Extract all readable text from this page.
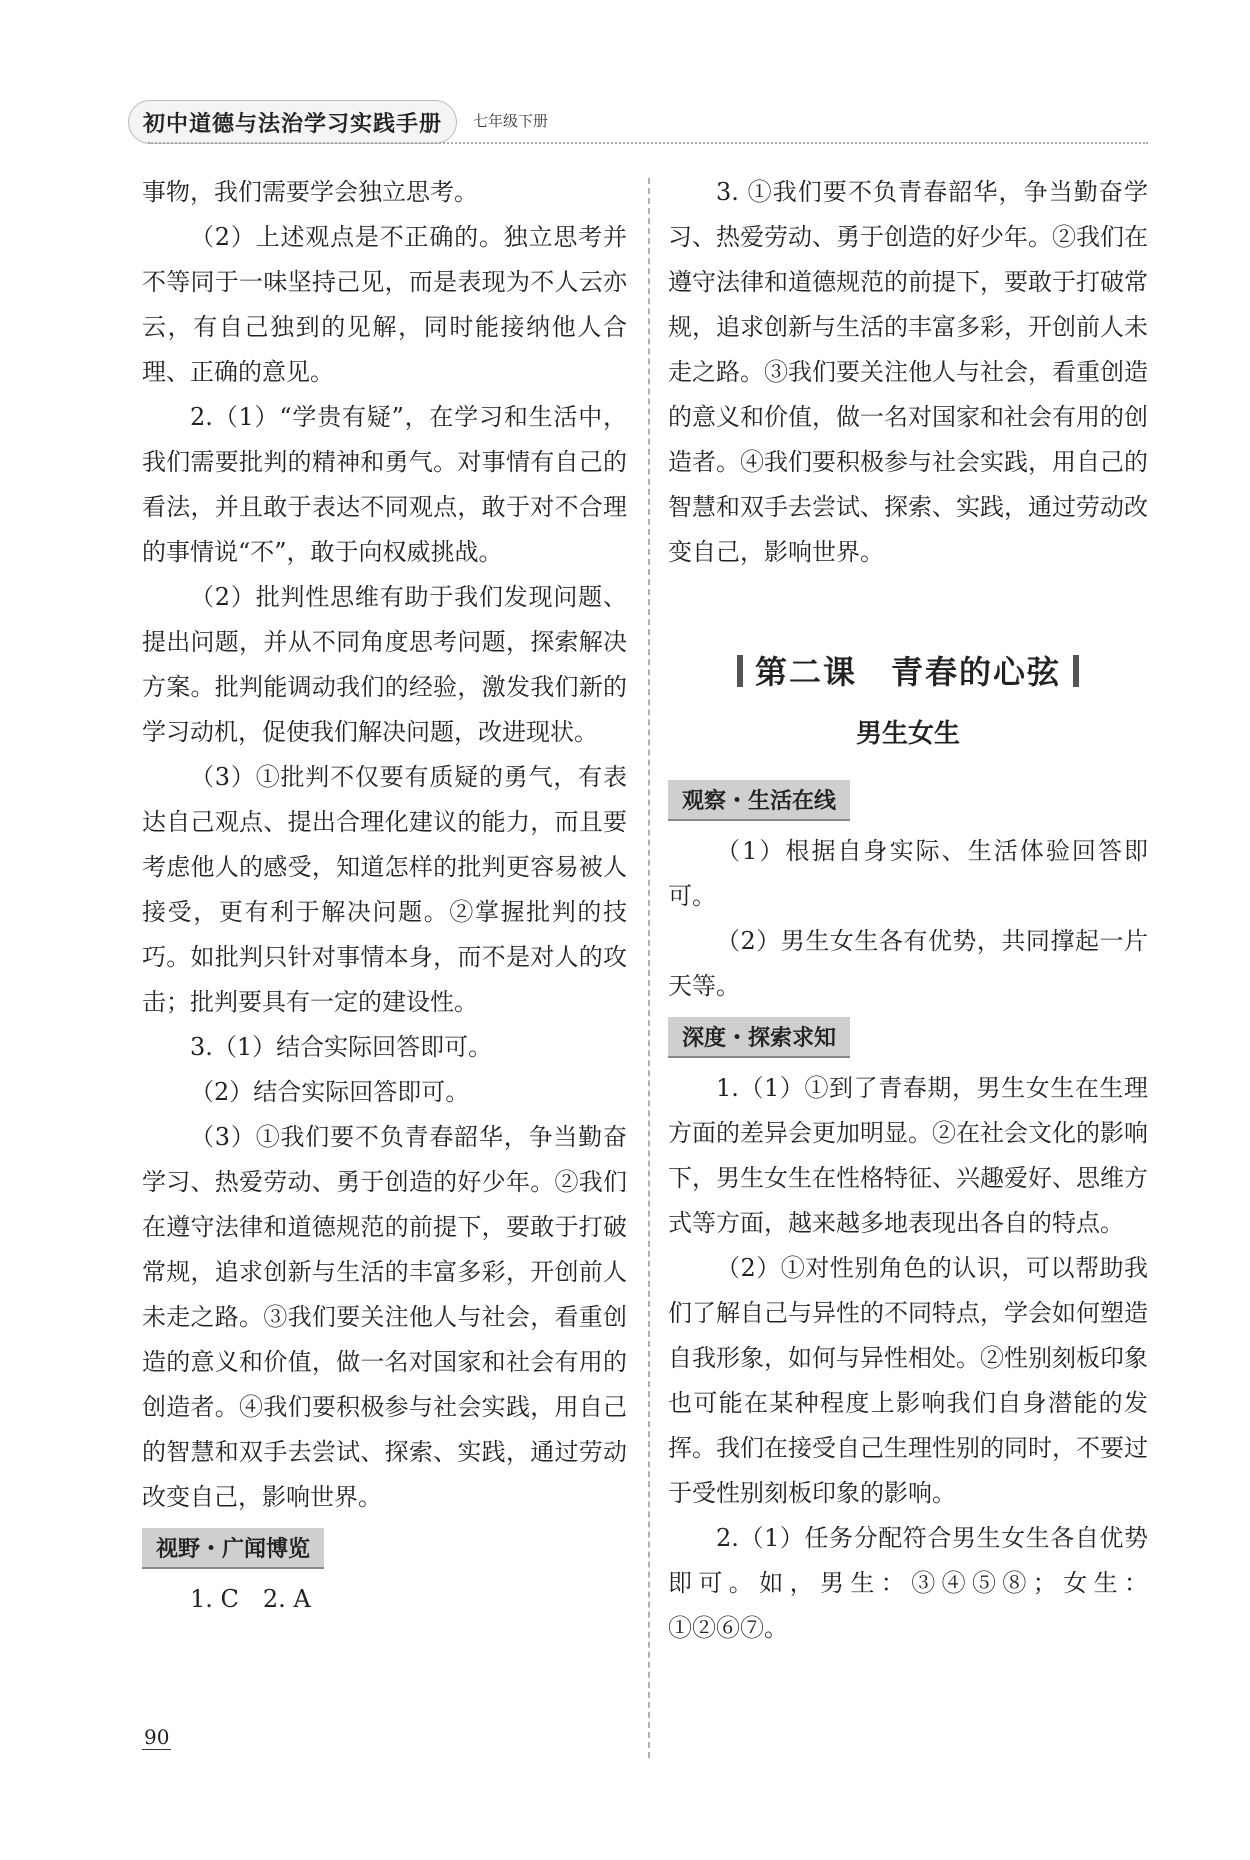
初中道德与法治学习实践手册 七年级下册

事物，我们需要学会独立思考。

（2）上述观点是不正确的。独立思考并不等同于一味坚持己见，而是表现为不人云亦云，有自己独到的见解，同时能接纳他人合理、正确的意见。

2.（1）“学贵有疑”，在学习和生活中，我们需要批判的精神和勇气。对事情有自己的看法，并且敢于表达不同观点，敢于对不合理的事情说“不”，敢于向权威挑战。

（2）批判性思维有助于我们发现问题、提出问题，并从不同角度思考问题，探索解决方案。批判能调动我们的经验，激发我们新的学习动机，促使我们解决问题，改进现状。

（3）①批判不仅要有质疑的勇气，有表达自己观点、提出合理化建议的能力，而且要考虑他人的感受，知道怎样的批判更容易被人接受，更有利于解决问题。②掌握批判的技巧。如批判只针对事情本身，而不是对人的攻击；批判要具有一定的建设性。

3.（1）结合实际回答即可。

（2）结合实际回答即可。

（3）①我们要不负青春韶华，争当勤奋学习、热爱劳动、勇于创造的好少年。②我们在遵守法律和道德规范的前提下，要敢于打破常规，追求创新与生活的丰富多彩，开创前人未走之路。③我们要关注他人与社会，看重创造的意义和价值，做一名对国家和社会有用的创造者。④我们要积极参与社会实践，用自己的智慧和双手去尝试、探索、实践，通过劳动改变自己，影响世界。

视野・广闻博览

1. C　2. A

3. ①我们要不负青春韶华，争当勤奋学习、热爱劳动、勇于创造的好少年。②我们在遵守法律和道德规范的前提下，要敢于打破常规，追求创新与生活的丰富多彩，开创前人未走之路。③我们要关注他人与社会，看重创造的意义和价值，做一名对国家和社会有用的创造者。④我们要积极参与社会实践，用自己的智慧和双手去尝试、探索、实践，通过劳动改变自己，影响世界。

第二课　青春的心弦
男生女生
观察・生活在线

（1）根据自身实际、生活体验回答即可。

（2）男生女生各有优势，共同撑起一片天等。

深度・探索求知

1.（1）①到了青春期，男生女生在生理方面的差异会更加明显。②在社会文化的影响下，男生女生在性格特征、兴趣爱好、思维方式等方面，越来越多地表现出各自的特点。

（2）①对性别角色的认识，可以帮助我们了解自己与异性的不同特点，学会如何塑造自我形象，如何与异性相处。②性别刻板印象也可能在某种程度上影响我们自身潜能的发挥。我们在接受自己生理性别的同时，不要过于受性别刻板印象的影响。

2.（1）任务分配符合男生女生各自优势即可。如，男生：③④⑤⑧；女生：①②⑥⑦。

90
